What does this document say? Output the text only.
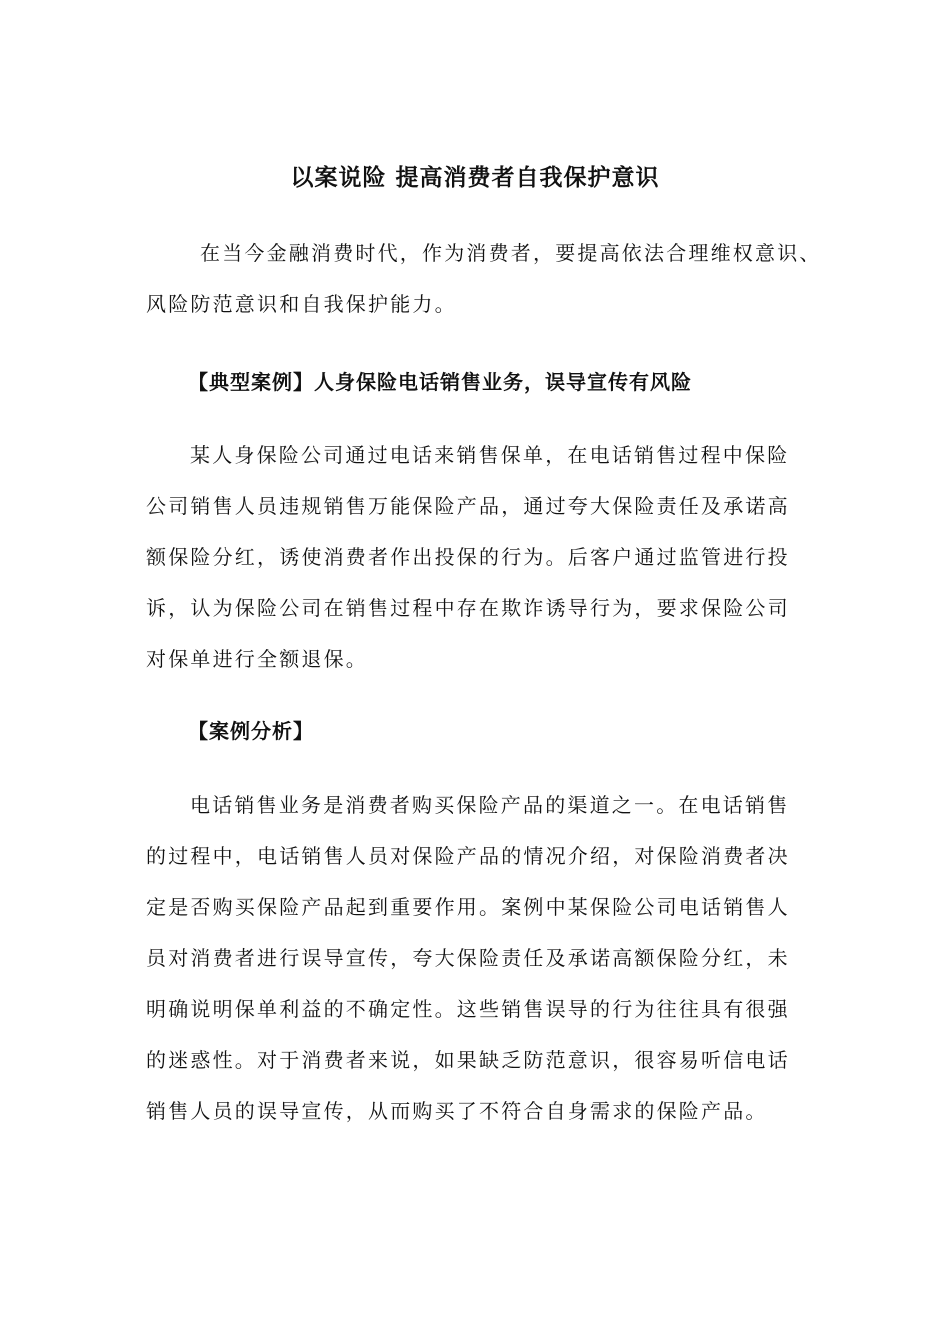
以案说险 提高消费者自我保护意识

在当今金融消费时代，作为消费者，要提高依法合理维权意识、风险防范意识和自我保护能力。

【典型案例】人身保险电话销售业务，误导宣传有风险

某人身保险公司通过电话来销售保单，在电话销售过程中保险公司销售人员违规销售万能保险产品，通过夸大保险责任及承诺高额保险分红，诱使消费者作出投保的行为。后客户通过监管进行投诉，认为保险公司在销售过程中存在欺诈诱导行为，要求保险公司对保单进行全额退保。

【案例分析】

电话销售业务是消费者购买保险产品的渠道之一。在电话销售的过程中，电话销售人员对保险产品的情况介绍，对保险消费者决定是否购买保险产品起到重要作用。案例中某保险公司电话销售人员对消费者进行误导宣传，夸大保险责任及承诺高额保险分红，未明确说明保单利益的不确定性。这些销售误导的行为往往具有很强的迷惑性。对于消费者来说，如果缺乏防范意识，很容易听信电话销售人员的误导宣传，从而购买了不符合自身需求的保险产品。
